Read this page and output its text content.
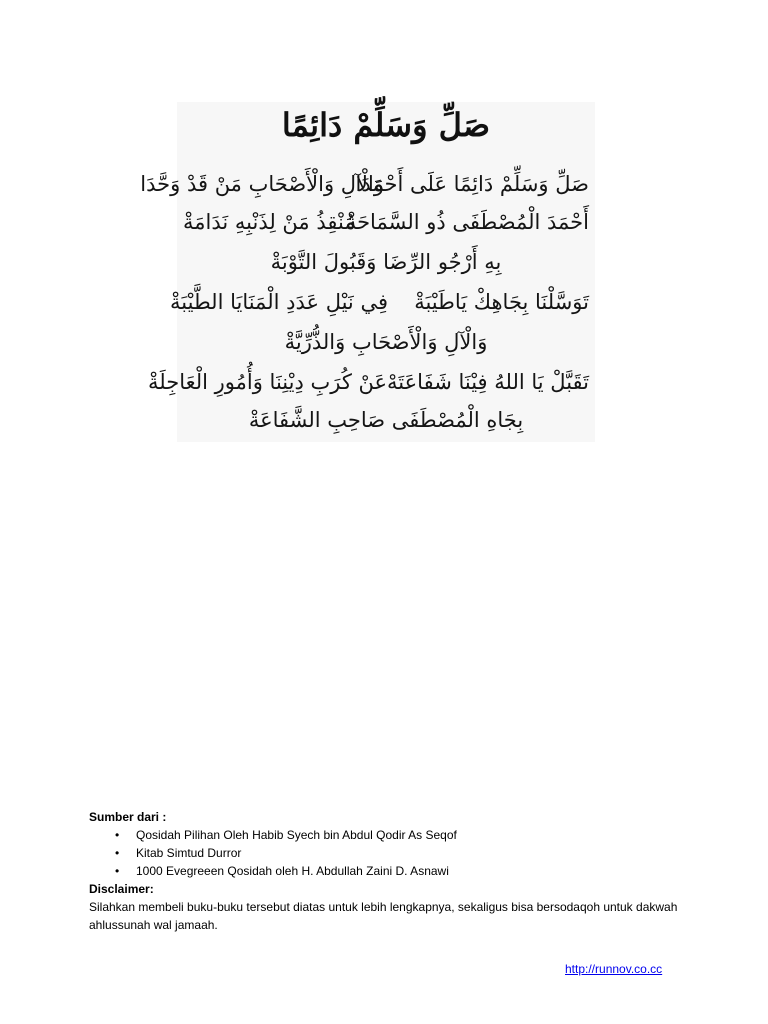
صَلِّ وَسَلِّمْ دَائِمًا
صَلِّ وَسَلِّمْ دَائِمًا عَلَى أَحْمَدَا
وَالْآلِ وَالْأَصْحَابِ مَنْ قَدْ وَحَّدَا
أَحْمَدَ الْمُصْطَفَى ذُو السَّمَاحَةْ
مُنْقِذُ مَنْ لِذَنْبِهِ نَدَامَةْ
بِهِ أَرْجُو الرِّضَا وَقَبُولَ التَّوْبَةْ
تَوَسَّلْنَا بِجَاهِكْ يَاطَيْبَةْ
فِي نَيْلِ عَدَدِ الْمَنَايَا الطَّيْبَةْ
وَالْآلِ وَالْأَصْحَابِ وَالذُّرِّيَّةْ
تَقَبَّلْ يَا اللهُ فِيْنَا شَفَاعَتَهْ
عَنْ كُرَبِ دِيْنِنَا وَأُمُورِ الْعَاجِلَةْ
بِجَاهِ الْمُصْطَفَى صَاحِبِ الشَّفَاعَةْ
Sumber dari :
• Qosidah Pilihan Oleh Habib Syech bin Abdul Qodir As Seqof
• Kitab Simtud Durror
• 1000 Evegreeen Qosidah oleh H. Abdullah Zaini D. Asnawi
Disclaimer:
Silahkan membeli buku-buku tersebut diatas untuk lebih lengkapnya, sekaligus bisa bersodaqoh untuk dakwah ahlussunah wal jamaah.
http://runnov.co.cc
